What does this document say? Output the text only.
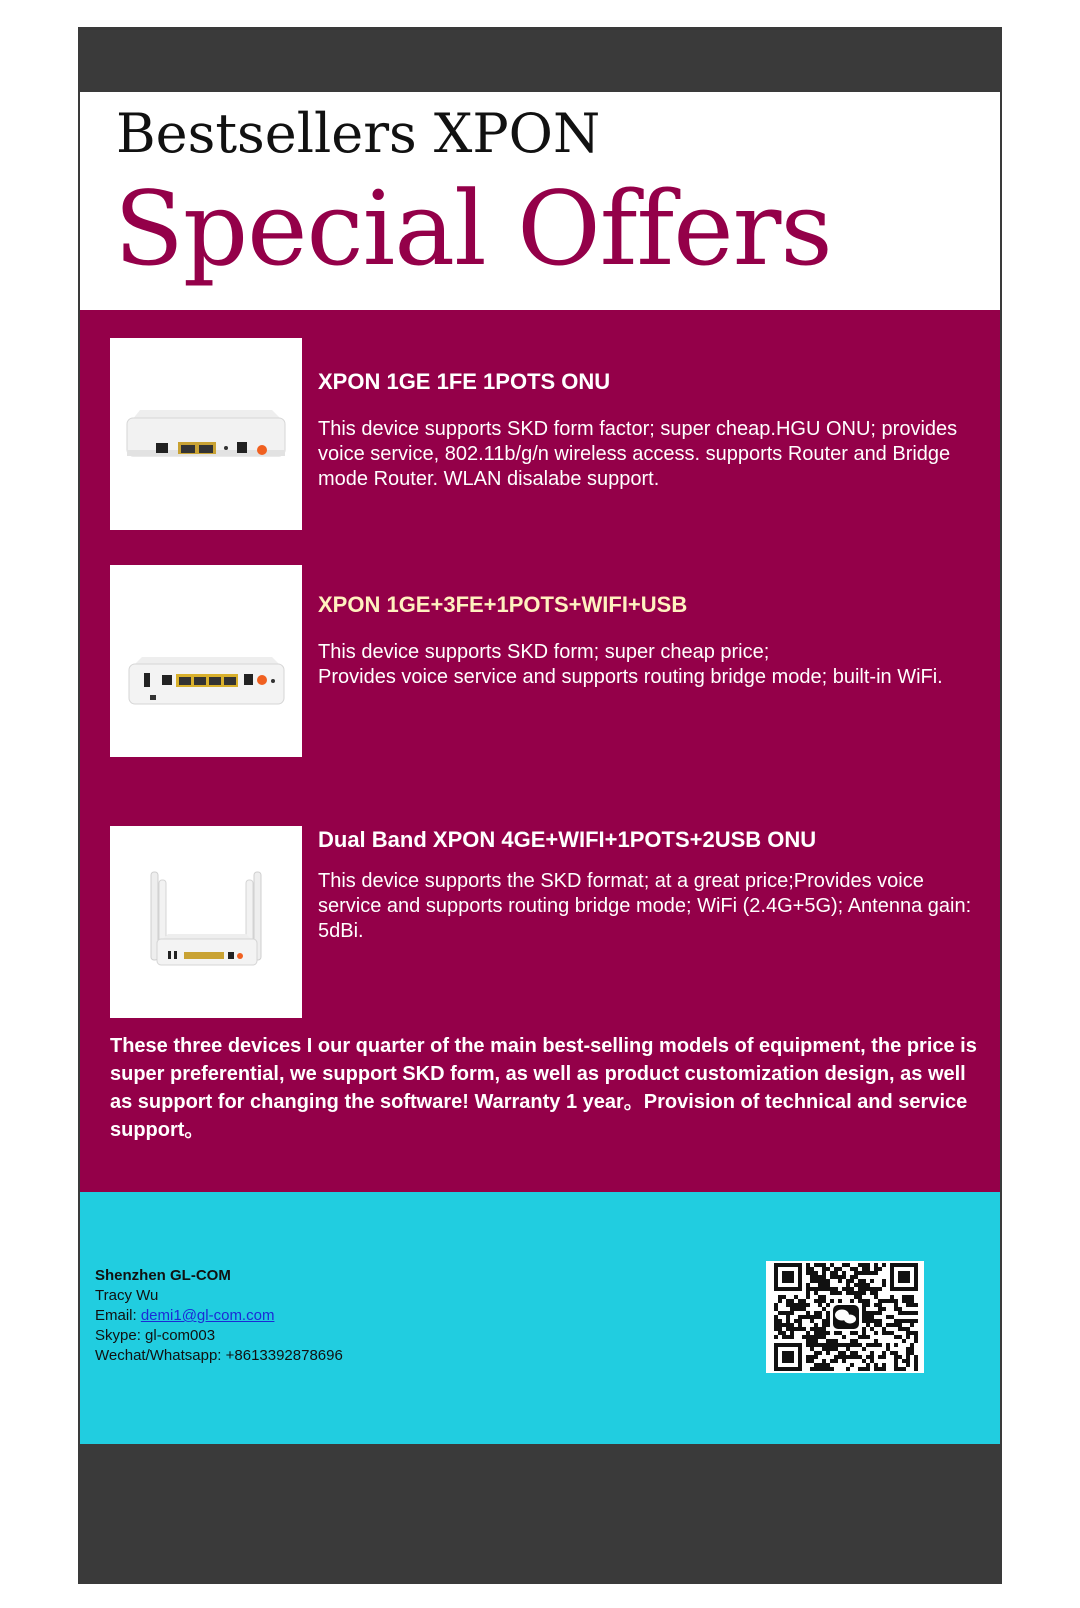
Bestsellers XPON
Special Offers
XPON 1GE 1FE 1POTS ONU

This device supports SKD form factor; super cheap.HGU ONU; provides voice service, 802.11b/g/n wireless access. supports Router and Bridge mode Router. WLAN disalabe support.

XPON 1GE+3FE+1POTS+WIFI+USB

This device supports SKD form; super cheap price;
Provides voice service and supports routing bridge mode; built-in WiFi.

Dual Band XPON 4GE+WIFI+1POTS+2USB ONU

This device supports the SKD format; at a great price;Provides voice service and supports routing bridge mode; WiFi (2.4G+5G); Antenna gain: 5dBi.

These three devices I our quarter of the main best-selling models of equipment, the price is super preferential, we support SKD form, as well as product customization design, as well as support for changing the software! Warranty 1 year。Provision of technical and service support。

Shenzhen GL-COM
Tracy Wu
Email: demi1@gl-com.com
Skype: gl-com003
Wechat/Whatsapp: +8613392878696
